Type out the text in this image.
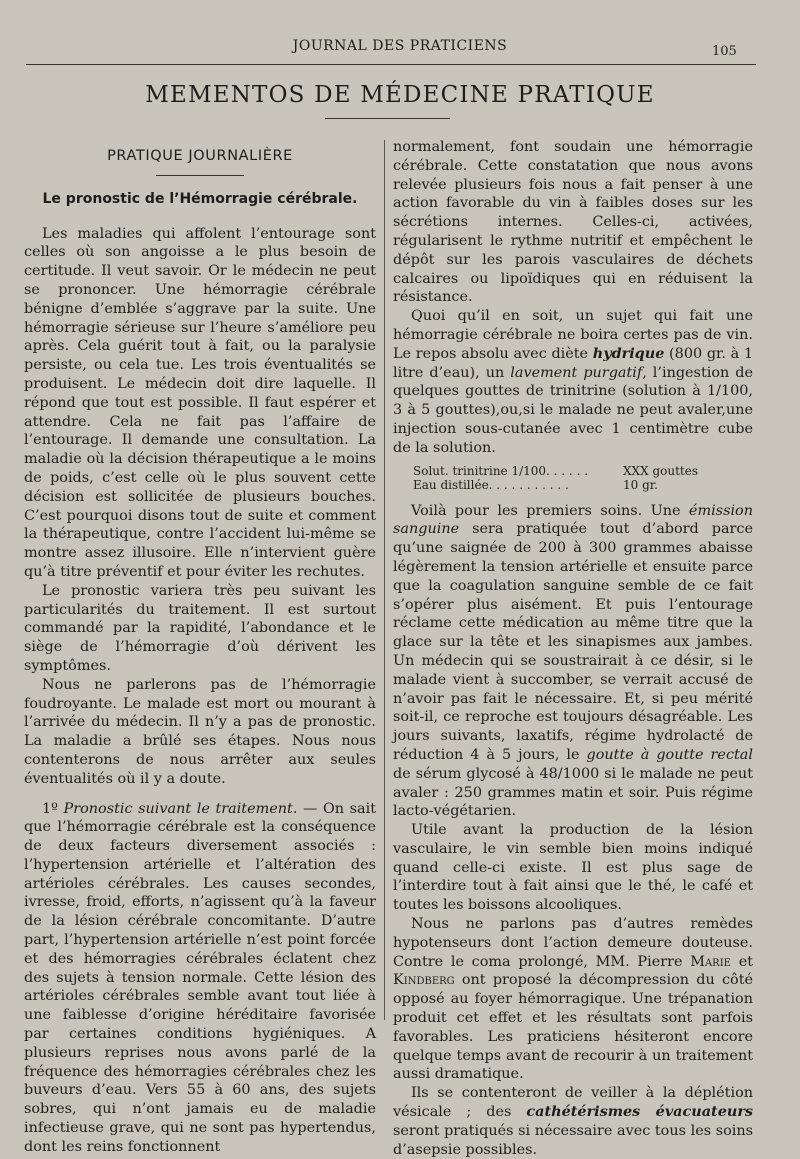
JOURNAL DES PRATICIENS	105
MEMENTOS DE MÉDECINE PRATIQUE
PRATIQUE JOURNALIÈRE
Le pronostic de l’Hémorragie cérébrale.

Les maladies qui affolent l’entourage sont celles où son angoisse a le plus besoin de certitude. Il veut savoir. Or le médecin ne peut se prononcer. Une hémorragie cérébrale bénigne d’emblée s’aggrave par la suite. Une hémorragie sérieuse sur l’heure s’améliore peu après. Cela guérit tout à fait, ou la paralysie persiste, ou cela tue. Les trois éventualités se produisent. Le médecin doit dire laquelle. Il répond que tout est possible. Il faut espérer et attendre. Cela ne fait pas l’affaire de l’entourage. Il demande une consultation. La maladie où la décision thérapeutique a le moins de poids, c’est celle où le plus souvent cette décision est sollicitée de plusieurs bouches. C’est pourquoi disons tout de suite et comment la thérapeutique, contre l’accident lui-même se montre assez illusoire. Elle n’intervient guère qu’à titre préventif et pour éviter les rechutes.

Le pronostic variera très peu suivant les particularités du traitement. Il est surtout commandé par la rapidité, l’abondance et le siège de l’hémorragie d’où dérivent les symptômes.

Nous ne parlerons pas de l’hémorragie foudroyante. Le malade est mort ou mourant à l’arrivée du médecin. Il n’y a pas de pronostic. La maladie a brûlé ses étapes. Nous nous contenterons de nous arrêter aux seules éventualités où il y a doute.

1º Pronostic suivant le traitement. — On sait que l’hémorragie cérébrale est la conséquence de deux facteurs diversement associés : l’hypertension artérielle et l’altération des artérioles cérébrales. Les causes secondes, ivresse, froid, efforts, n’agissent qu’à la faveur de la lésion cérébrale concomitante. D’autre part, l’hypertension artérielle n’est point forcée et des hémorragies cérébrales éclatent chez des sujets à tension normale. Cette lésion des artérioles cérébrales semble avant tout liée à une faiblesse d’origine héréditaire favorisée par certaines conditions hygiéniques. A plusieurs reprises nous avons parlé de la fréquence des hémorragies cérébrales chez les buveurs d’eau. Vers 55 à 60 ans, des sujets sobres, qui n’ont jamais eu de maladie infectieuse grave, qui ne sont pas hypertendus, dont les reins fonctionnent

normalement, font soudain une hémorragie cérébrale. Cette constatation que nous avons relevée plusieurs fois nous a fait penser à une action favorable du vin à faibles doses sur les sécrétions internes. Celles-ci, activées, régularisent le rythme nutritif et empêchent le dépôt sur les parois vasculaires de déchets calcaires ou lipoïdiques qui en réduisent la résistance.

Quoi qu’il en soit, un sujet qui fait une hémorragie cérébrale ne boira certes pas de vin. Le repos absolu avec diète hydrique (800 gr. à 1 litre d’eau), un lavement purgatif, l’ingestion de quelques gouttes de trinitrine (solution à 1/100, 3 à 5 gouttes),ou,si le malade ne peut avaler,une injection sous-cutanée avec 1 centimètre cube de la solution.

Solut. trinitrine 1/100. . . . . .	XXX gouttes
Eau distillée. . . . . . . . . . .	10 gr.

Voilà pour les premiers soins. Une émission sanguine sera pratiquée tout d’abord parce qu’une saignée de 200 à 300 grammes abaisse légèrement la tension artérielle et ensuite parce que la coagulation sanguine semble de ce fait s’opérer plus aisément. Et puis l’entourage réclame cette médication au même titre que la glace sur la tête et les sinapismes aux jambes. Un médecin qui se soustrairait à ce désir, si le malade vient à succomber, se verrait accusé de n’avoir pas fait le nécessaire. Et, si peu mérité soit-il, ce reproche est toujours désagréable. Les jours suivants, laxatifs, régime hydrolacté de réduction 4 à 5 jours, le goutte à goutte rectal de sérum glycosé à 48/1000 si le malade ne peut avaler : 250 grammes matin et soir. Puis régime lacto-végétarien.

Utile avant la production de la lésion vasculaire, le vin semble bien moins indiqué quand celle-ci existe. Il est plus sage de l’interdire tout à fait ainsi que le thé, le café et toutes les boissons alcooliques.

Nous ne parlons pas d’autres remèdes hypotenseurs dont l’action demeure douteuse. Contre le coma prolongé, MM. Pierre Marie et Kindberg ont proposé la décompression du côté opposé au foyer hémorragique. Une trépanation produit cet effet et les résultats sont parfois favorables. Les praticiens hésiteront encore quelque temps avant de recourir à un traitement aussi dramatique.

Ils se contenteront de veiller à la déplétion vésicale ; des cathétérismes évacuateurs seront pratiqués si nécessaire avec tous les soins d’asepsie possibles.
